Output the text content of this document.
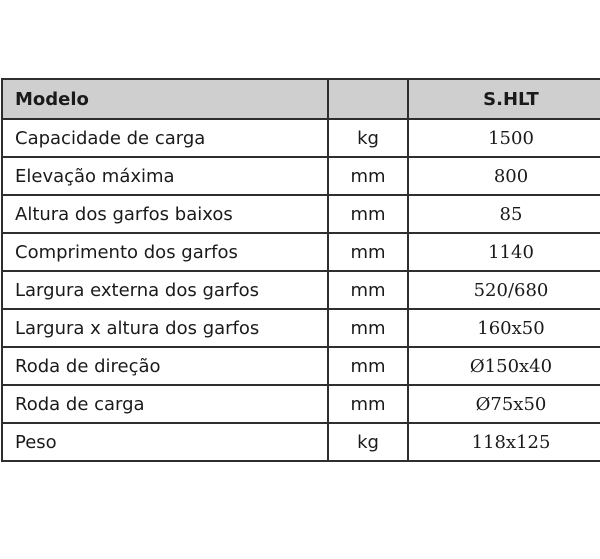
Modelo		S.HLT
Capacidade de carga	kg	1500
Elevação máxima	mm	800
Altura dos garfos baixos	mm	85
Comprimento dos garfos	mm	1140
Largura externa dos garfos	mm	520/680
Largura x altura dos garfos	mm	160x50
Roda de direção	mm	Ø150x40
Roda de carga	mm	Ø75x50
Peso	kg	118x125
